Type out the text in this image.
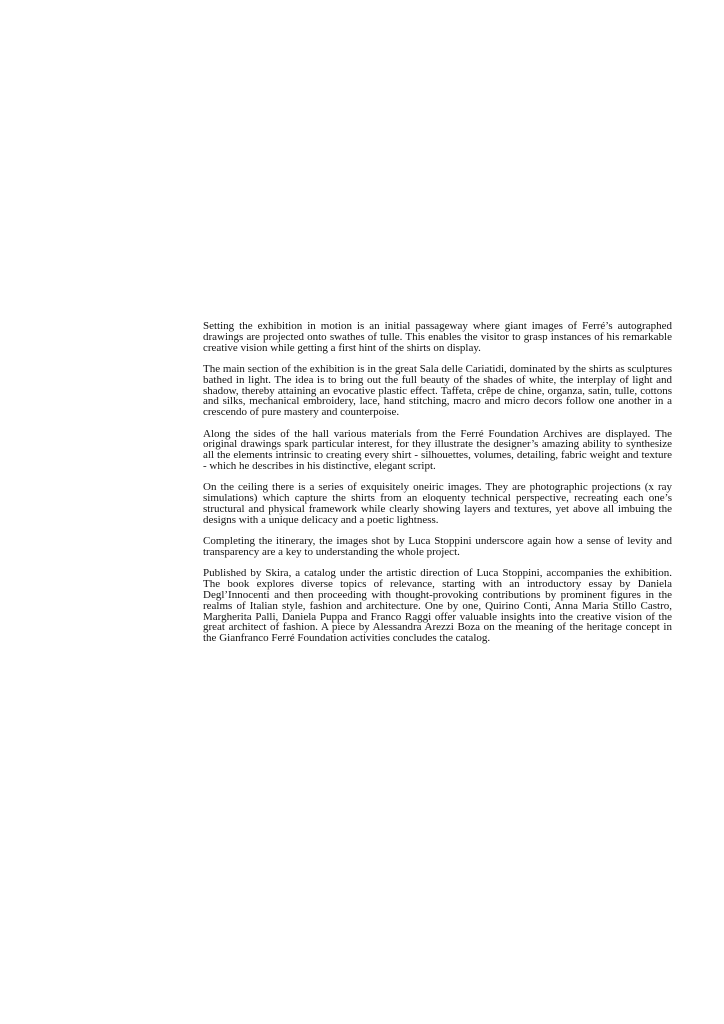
Setting the exhibition in motion is an initial passageway where giant images of Ferré’s autographed drawings are projected onto swathes of tulle. This enables the visitor to grasp instances of his remarkable creative vision while getting a first hint of the shirts on display.

The main section of the exhibition is in the great Sala delle Cariatidi, dominated by the shirts as sculptures bathed in light. The idea is to bring out the full beauty of the shades of white, the interplay of light and shadow, thereby attaining an evocative plastic effect. Taffeta, crêpe de chine, organza, satin, tulle, cottons and silks, mechanical embroidery, lace, hand stitching, macro and micro decors follow one another in a crescendo of pure mastery and counterpoise.

Along the sides of the hall various materials from the Ferré Foundation Archives are displayed. The original drawings spark particular interest, for they illustrate the designer’s amazing ability to synthesize all the elements intrinsic to creating every shirt - silhouettes, volumes, detailing, fabric weight and texture - which he describes in his distinctive, elegant script.

On the ceiling there is a series of exquisitely oneiric images. They are photographic projections (x ray simulations) which capture the shirts from an eloquenty technical perspective, recreating each one’s structural and physical framework while clearly showing layers and textures, yet above all imbuing the designs with a unique delicacy and a poetic lightness.

Completing the itinerary, the images shot by Luca Stoppini underscore again how a sense of levity and transparency are a key to understanding the whole project.

Published by Skira, a catalog under the artistic direction of Luca Stoppini, accompanies the exhibition. The book explores diverse topics of relevance, starting with an introductory essay by Daniela Degl’Innocenti and then proceeding with thought-provoking contributions by prominent figures in the realms of Italian style, fashion and architecture. One by one, Quirino Conti, Anna Maria Stillo Castro, Margherita Palli, Daniela Puppa and Franco Raggi offer valuable insights into the creative vision of the great architect of fashion. A piece by Alessandra Arezzi Boza on the meaning of the heritage concept in the Gianfranco Ferré Foundation activities concludes the catalog.
